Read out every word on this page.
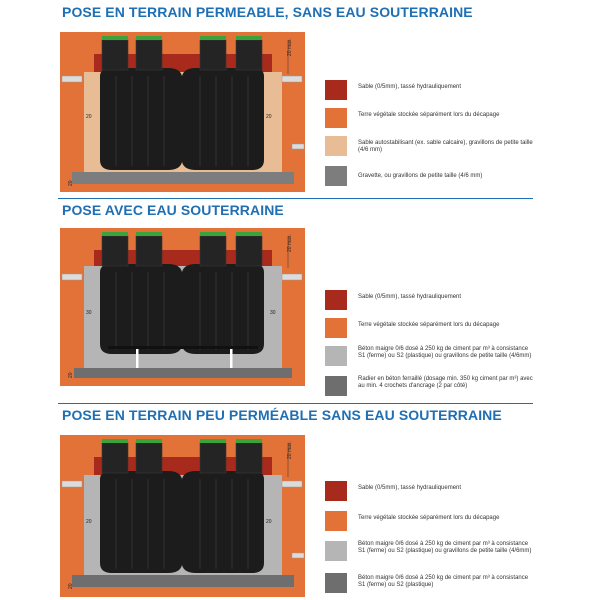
POSE EN TERRAIN PERMEABLE, SANS EAU SOUTERRAINE
20 max.
20	20
20
Sable (0/5mm), tassé hydrauliquement
Terre végétale stockée séparément lors du décapage
Sable autostabilisant (ex. sable calcaire), gravillons de petite taille (4/6 mm)
Gravette, ou gravillons de petite taille (4/6 mm)
POSE AVEC EAU SOUTERRAINE
20 max.
30	30
20
Sable (0/5mm), tassé hydrauliquement
Terre végétale stockée séparément lors du décapage
Béton maigre 0/6 dosé à 250 kg de ciment par m³ à consistance S1 (ferme) ou S2 (plastique) ou gravillons de petite taille (4/6mm)
Radier en béton ferraillé (dosage min. 350 kg ciment par m³) avec au min. 4 crochets d'ancrage (2 par côté)
POSE EN TERRAIN PEU PERMÉABLE SANS EAU SOUTERRAINE
20 max.
20	20
20
Sable (0/5mm), tassé hydrauliquement
Terre végétale stockée séparément lors du décapage
Béton maigre 0/6 dosé à 250 kg de ciment par m³ à consistance S1 (ferme) ou S2 (plastique) ou gravillons de petite taille (4/6mm)
Béton maigre 0/6 dosé à 250 kg de ciment par m³ à consistance S1 (ferme) ou S2 (plastique)
